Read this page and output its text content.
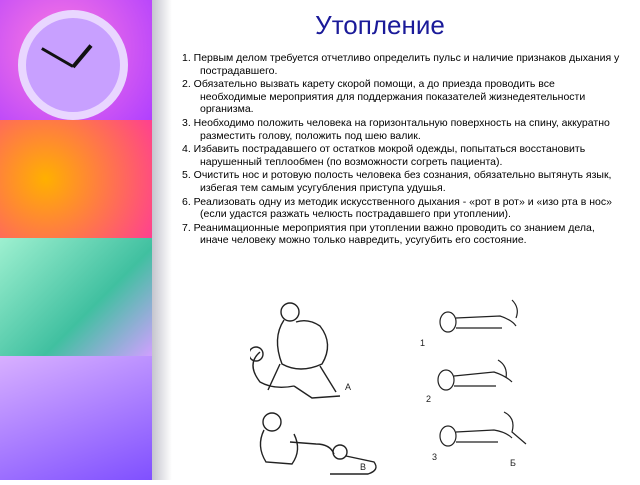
Утопление
1. Первым делом требуется отчетливо определить пульс и наличие признаков дыхания у пострадавшего.
2. Обязательно вызвать карету скорой помощи, а до приезда проводить все необходимые мероприятия для поддержания показателей жизнедеятельности организма.
3. Необходимо положить человека на горизонтальную поверхность на спину, аккуратно разместить голову, положить под шею валик.
4. Избавить пострадавшего от остатков мокрой одежды, попытаться восстановить нарушенный теплообмен (по возможности согреть пациента).
5. Очистить нос и ротовую полость человека без сознания, обязательно вытянуть язык, избегая тем самым усугубления приступа удушья.
6. Реализовать одну из методик искусственного дыхания - «рот в рот» и «изо рта в нос» (если удастся разжать челюсть пострадавшего при утоплении).
7. Реанимационные мероприятия при утоплении важно проводить со знанием дела, иначе человеку можно только навредить, усугубить его состояние.
А
В
1
2
3
Б
